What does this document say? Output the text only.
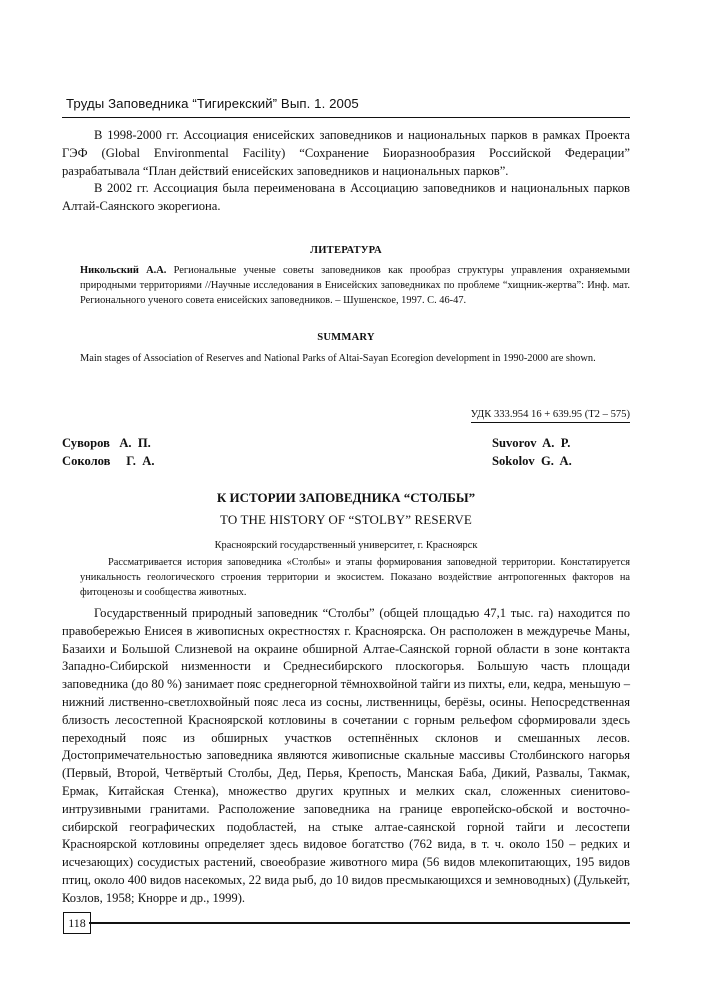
Труды Заповедника “Тигирекский” Вып. 1. 2005

В 1998-2000 гг. Ассоциация енисейских заповедников и национальных парков в рамках Проекта ГЭФ (Global Environmental Facility) “Сохранение Биоразнообразия Российской Федерации” разрабатывала “План действий енисейских заповедников и национальных парков”.

В 2002 гг. Ассоциация была переименована в Ассоциацию заповедников и национальных парков Алтай-Саянского экорегиона.

ЛИТЕРАТУРА
Никольский А.А. Региональные ученые советы заповедников как прообраз структуры управления охраняемыми природными территориями //Научные исследования в Енисейских заповедниках по проблеме “хищник-жертва”: Инф. мат. Регионального ученого совета енисейских заповедников. – Шушенское, 1997. С. 46-47.
SUMMARY
Main stages of Association of Reserves and National Parks of Altai-Sayan Ecoregion development in 1990-2000 are shown.
УДК 333.954 16 + 639.95 (Т2 – 575)
Суворов   А.  П.
Соколов     Г.  А.
Suvorov  A.  P.
Sokolov  G.  A.
К ИСТОРИИ ЗАПОВЕДНИКА “СТОЛБЫ”
TO THE HISTORY OF “STOLBY” RESERVE
Красноярский государственный университет, г. Красноярск

Рассматривается история заповедника «Столбы» и этапы формирования заповедной территории. Констатируется уникальность геологического строения территории и экосистем. Показано воздействие антропогенных факторов на фитоценозы и сообщества животных.

Государственный природный заповедник “Столбы” (общей площадью 47,1 тыс. га) находится по правобережью Енисея в живописных окрестностях г. Красноярска. Он расположен в междуречье Маны, Базаихи и Большой Слизневой на окраине обширной Алтае-Саянской горной области в зоне контакта Западно-Сибирской низменности и Среднесибирского плоскогорья. Большую часть площади заповедника (до 80 %) занимает пояс среднегорной тёмнохвойной тайги из пихты, ели, кедра, меньшую – нижний лиственно-светлохвойный пояс леса из сосны, лиственницы, берёзы, осины. Непосредственная близость лесостепной Красноярской котловины в сочетании с горным рельефом сформировали здесь переходный пояс из обширных участков остепнённых склонов и смешанных лесов. Достопримечательностью заповедника являются живописные скальные массивы Столбинского нагорья (Первый, Второй, Четвёртый Столбы, Дед, Перья, Крепость, Манская Баба, Дикий, Развалы, Такмак, Ермак, Китайская Стенка), множество других крупных и мелких скал, сложенных сиенитово-интрузивными гранитами. Расположение заповедника на границе европейско-обской и восточно-сибирской географических подобластей, на стыке алтае-саянской горной тайги и лесостепи Красноярской котловины определяет здесь видовое богатство (762 вида, в т. ч. около 150 – редких и исчезающих) сосудистых растений, своеобразие животного мира (56 видов млекопитающих, 195 видов птиц, около 400 видов насекомых, 22 вида рыб, до 10 видов пресмыкающихся и земноводных) (Дулькейт, Козлов, 1958; Кнорре и др., 1999).

118
